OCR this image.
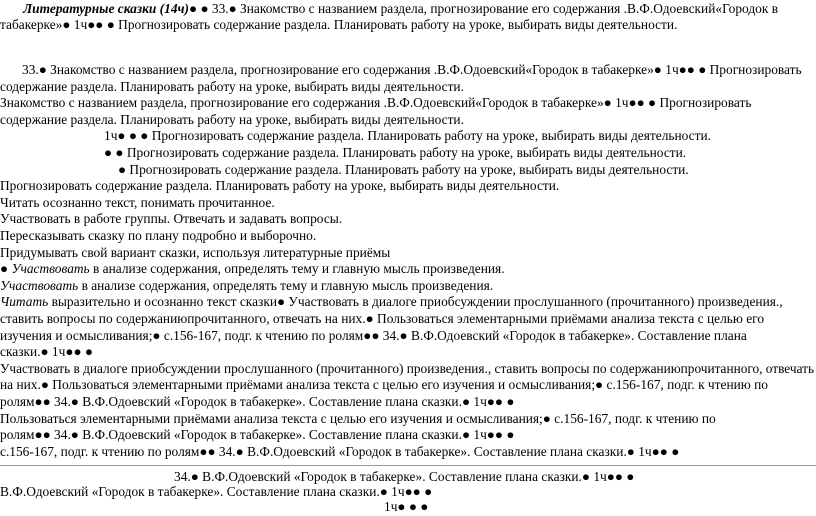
Литературные сказки (14ч)● ● 33.● Знакомство с названием раздела, прогнозирование его содержания .В.Ф.Одоевский«Городок в
табакерке»● 1ч●● ● Прогнозировать содержание раздела. Планировать работу на уроке, выбирать виды деятельности.
33.● Знакомство с названием раздела, прогнозирование его содержания .В.Ф.Одоевский«Городок в табакерке»● 1ч●● ● Прогнозировать
содержание раздела. Планировать работу на уроке, выбирать виды деятельности.
Знакомство с названием раздела, прогнозирование его содержания .В.Ф.Одоевский«Городок в табакерке»● 1ч●● ● Прогнозировать
содержание раздела. Планировать работу на уроке, выбирать виды деятельности.
1ч● ● ● Прогнозировать содержание раздела. Планировать работу на уроке, выбирать виды деятельности.
● ● Прогнозировать содержание раздела. Планировать работу на уроке, выбирать виды деятельности.
● Прогнозировать содержание раздела. Планировать работу на уроке, выбирать виды деятельности.
Прогнозировать содержание раздела. Планировать работу на уроке, выбирать виды деятельности.
Читать осознанно текст, понимать прочитанное.
Участвовать в работе группы. Отвечать и задавать вопросы.
Пересказывать сказку по плану подробно и выборочно.
Придумывать свой вариант сказки, используя литературные приёмы
● Участвовать в анализе содержания, определять тему и главную мысль произведения.
Участвовать в анализе содержания, определять тему и главную мысль произведения.
Читать выразительно и осознанно текст сказки● Участвовать в диалоге приобсуждении прослушанного (прочитанного) произведения.,
ставить вопросы по содержаниюпрочитанного, отвечать на них.● Пользоваться элементарными приёмами анализа текста с целью его
изучения и осмысливания;● с.156-167, подг. к чтению по ролям●● 34.● В.Ф.Одоевский «Городок в табакерке». Составление плана
сказки.● 1ч●● ●
Участвовать в диалоге приобсуждении прослушанного (прочитанного) произведения., ставить вопросы по содержаниюпрочитанного, отвечать
на них.● Пользоваться элементарными приёмами анализа текста с целью его изучения и осмысливания;● с.156-167, подг. к чтению по
ролям●● 34.● В.Ф.Одоевский «Городок в табакерке». Составление плана сказки.● 1ч●● ●
Пользоваться элементарными приёмами анализа текста с целью его изучения и осмысливания;● с.156-167, подг. к чтению по
ролям●● 34.● В.Ф.Одоевский «Городок в табакерке». Составление плана сказки.● 1ч●● ●
с.156-167, подг. к чтению по ролям●● 34.● В.Ф.Одоевский «Городок в табакерке». Составление плана сказки.● 1ч●● ●
34.● В.Ф.Одоевский «Городок в табакерке». Составление плана сказки.● 1ч●● ●
В.Ф.Одоевский «Городок в табакерке». Составление плана сказки.● 1ч●● ●
1ч● ● ●
